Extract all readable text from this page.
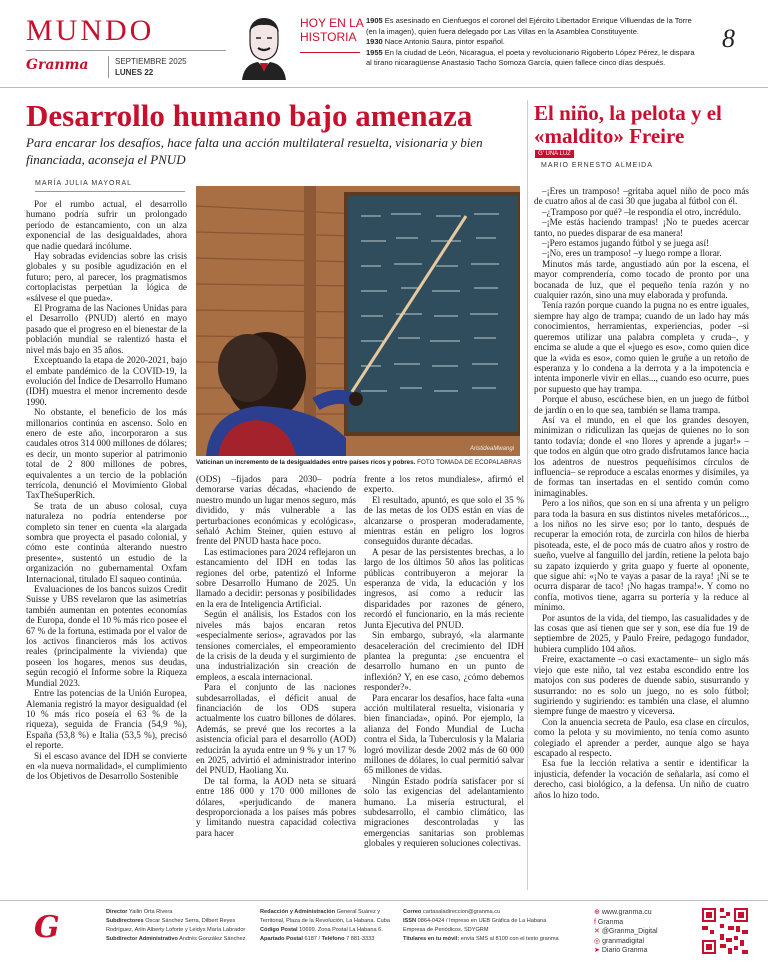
MUNDO
Granma	SEPTIEMBRE 2025
LUNES 22
HOY EN LA
HISTORIA
1905 Es asesinado en Cienfuegos el coronel del Ejército Libertador Enrique Villuendas de la Torre (en la imagen), quien fuera delegado por Las Villas en la Asamblea Constituyente.
1930 Nace Antonio Saura, pintor español.
1955 En la ciudad de León, Nicaragua, el poeta y revolucionario Rigoberto López Pérez, le dispara al tirano nicaragüense Anastasio Tacho Somoza García, quien fallece cinco días después.
8
Desarrollo humano bajo amenaza
Para encarar los desafíos, hace falta una acción multilateral resuelta, visionaria y bien financiada, aconseja el PNUD
MARÍA JULIA MAYORAL
El niño, la pelota y el «maldito» Freire
G' UNA LUZ
MARIO ERNESTO ALMEIDA
AristideaMwangi
Vaticinan un incremento de la desigualdades entre países ricos y pobres. FOTO TOMADA DE ECOPALABRAS

Por el rumbo actual, el desarrollo humano podría sufrir un prolongado período de estancamiento, con un alza exponencial de las desigualdades, ahora que nadie quedará incólume.

Hay sobradas evidencias sobre las crisis globales y su posible agudización en el futuro; pero, al parecer, los pragmatismos cortoplacistas perpetúan la lógica de «sálvese el que pueda».

El Programa de las Naciones Unidas para el Desarrollo (PNUD) alertó en mayo pasado que el progreso en el bienestar de la población mundial se ralentizó hasta el nivel más bajo en 35 años.

Exceptuando la etapa de 2020-2021, bajo el embate pandémico de la COVID-19, la evolución del Índice de Desarrollo Humano (IDH) muestra el menor incremento desde 1990.

No obstante, el beneficio de los más millonarios continúa en ascenso. Solo en enero de este año, incorporaron a sus caudales otros 314 000 millones de dólares; es decir, un monto superior al patrimonio total de 2 800 millones de pobres, equivalentes a un tercio de la población terrícola, denunció el Movimiento Global TaxTheSuperRich.

Se trata de un abuso colosal, cuya naturaleza no podría entenderse por completo sin tener en cuenta «la alargada sombra que proyecta el pasado colonial, y cómo este continúa alterando nuestro presente», sustentó un estudio de la organización no gubernamental Oxfam Internacional, titulado El saqueo continúa.

Evaluaciones de los bancos suizos Credit Suisse y UBS revelaron que las asimetrías también aumentan en potentes economías de Europa, donde el 10 % más rico posee el 67 % de la fortuna, estimada por el valor de los activos financieros más los activos reales (principalmente la vivienda) que poseen los hogares, menos sus deudas, según recogió el Informe sobre la Riqueza Mundial 2023.

Entre las potencias de la Unión Europea, Alemania registró la mayor desigualdad (el 10 % más rico poseía el 63 % de la riqueza), seguida de Francia (54,9 %), España (53,8 %) e Italia (53,5 %), precisó el reporte.

Si el escaso avance del IDH se convierte en «la nueva normalidad», el cumplimiento de los Objetivos de Desarrollo Sostenible

(ODS) –fijados para 2030– podría demorarse varias décadas, «haciendo de nuestro mundo un lugar menos seguro, más dividido, y más vulnerable a las perturbaciones económicas y ecológicas», señaló Achim Steiner, quien estuvo al frente del PNUD hasta hace poco.

Las estimaciones para 2024 reflejaron un estancamiento del IDH en todas las regiones del orbe, patentizó el Informe sobre Desarrollo Humano de 2025. Un llamado a decidir: personas y posibilidades en la era de Inteligencia Artificial.

Según el análisis, los Estados con los niveles más bajos encaran retos «especialmente serios», agravados por las tensiones comerciales, el empeoramiento de la crisis de la deuda y el surgimiento de una industrialización sin creación de empleos, a escala internacional.

Para el conjunto de las naciones subdesarrolladas, el déficit anual de financiación de los ODS supera actualmente los cuatro billones de dólares. Además, se prevé que los recortes a la asistencia oficial para el desarrollo (AOD) reducirán la ayuda entre un 9 % y un 17 % en 2025, advirtió el administrador interino del PNUD, Haoliang Xu.

De tal forma, la AOD neta se situará entre 186 000 y 170 000 millones de dólares, «perjudicando de manera desproporcionada a los países más pobres y limitando nuestra capacidad colectiva para hacer

frente a los retos mundiales», afirmó el experto.

El resultado, apuntó, es que solo el 35 % de las metas de los ODS están en vías de alcanzarse o prosperan moderadamente, mientras están en peligro los logros conseguidos durante décadas.

A pesar de las persistentes brechas, a lo largo de los últimos 50 años las políticas públicas contribuyeron a mejorar la esperanza de vida, la educación y los ingresos, así como a reducir las disparidades por razones de género, recordó el funcionario, en la más reciente Junta Ejecutiva del PNUD.

Sin embargo, subrayó, «la alarmante desaceleración del crecimiento del IDH plantea la pregunta: ¿se encuentra el desarrollo humano en un punto de inflexión? Y, en ese caso, ¿cómo debemos responder?».

Para encarar los desafíos, hace falta «una acción multilateral resuelta, visionaria y bien financiada», opinó. Por ejemplo, la alianza del Fondo Mundial de Lucha contra el Sida, la Tuberculosis y la Malaria logró movilizar desde 2002 más de 60 000 millones de dólares, lo cual permitió salvar 65 millones de vidas.

Ningún Estado podría satisfacer por sí solo las exigencias del adelantamiento humano. La miseria estructural, el subdesarrollo, el cambio climático, las migraciones descontroladas y las emergencias sanitarias son problemas globales y requieren soluciones colectivas.

–¡Eres un tramposo! –gritaba aquel niño de poco más de cuatro años al de casi 30 que jugaba al fútbol con él.

–¿Tramposo por qué? –le respondía el otro, incrédulo.

–¡Me estás haciendo trampas! ¡No te puedes acercar tanto, no puedes disparar de esa manera!

–¡Pero estamos jugando fútbol y se juega así!

–¡No, eres un tramposo! –y luego rompe a llorar.

Minutos más tarde, angustiado aún por la escena, el mayor comprendería, como tocado de pronto por una bocanada de luz, que el pequeño tenía razón y no cualquier razón, sino una muy elaborada y profunda.

Tenía razón porque cuando la pugna no es entre iguales, siempre hay algo de trampa; cuando de un lado hay más conocimientos, herramientas, experiencias, poder –si queremos utilizar una palabra completa y cruda–, y encima se alude a que el «juego es eso», como quien dice que la «vida es eso», como quien le gruñe a un retoño de esperanza y lo condena a la derrota y a la impotencia e intenta imponerle vivir en ellas..., cuando eso ocurre, pues por supuesto que hay trampa.

Porque el abuso, escúchese bien, en un juego de fútbol de jardín o en lo que sea, también se llama trampa.

Así va el mundo, en el que los grandes desoyen, minimizan o ridiculizan las quejas de quienes no lo son tanto todavía; donde el «no llores y aprende a jugar!» –que todos en algún que otro grado disfrutamos lance hacia los adentros de nuestros pequeñísimos círculos de influencia– se reproduce a escalas enormes y disímiles, ya de formas tan insertadas en el sentido común como inimaginables.

Pero a los niños, que son en sí una afrenta y un peligro para toda la basura en sus distintos niveles metafóricos..., a los niños no les sirve eso; por lo tanto, después de recuperar la emoción rota, de zurcirla con hilos de hierba pisoteada, este, el de poco más de cuatro años y rostro de sueño, vuelve al fanguillo del jardín, retiene la pelota bajo su zapato izquierdo y grita guapo y fuerte al oponente, que sigue ahí: «¡No te vayas a pasar de la raya! ¡Ni se te ocurra disparar de taco! ¡No hagas trampa!». Y como no confía, motivos tiene, agarra su portería y la reduce al mínimo.

Por asuntos de la vida, del tiempo, las casualidades y de las cosas que así tienen que ser y son, ese día fue 19 de septiembre de 2025, y Paulo Freire, pedagogo fundador, hubiera cumplido 104 años.

Freire, exactamente –o casi exactamente– un siglo más viejo que este niño, tal vez estaba escondido entre los matojos con sus poderes de duende sabio, susurrando y susurrando: no es solo un juego, no es solo fútbol; sugiriendo y sugiriendo: es también una clase, el alumno siempre funge de maestro y viceversa.

Con la anuencia secreta de Paulo, esa clase en círculos, como la pelota y su movimiento, no tenía como asunto colegiado el aprender a perder, aunque algo se haya escapado al respecto.

Esa fue la lección relativa a sentir e identificar la injusticia, defender la vocación de señalarla, así como el derecho, casi biológico, a la defensa. Un niño de cuatro años lo hizo todo.

G	Director Yailin Orta Rivera
Subdirectores Oscar Sánchez Serra, Dilbert Reyes Rodríguez, Arlin Alberty Loforte y Leidys María Labrador
Subdirector Administrativo Andrés González Sánchez
Redacción y Administración General Suárez y Territorial, Plaza de la Revolución, La Habana. Cuba
Código Postal 10699. Zona Postal La Habana 6.
Apartado Postal 6187 / Teléfono 7 881-3333
Correo cartasaladireccion@granma.cu
ISSN 0864-0424 / Impreso en UEB Gráfica de La Habana
Empresa de Periódicos. SDYGRM
Titulares en tu móvil: envía SMS al 8100 con el texto granma
⊕ www.granma.cu
f Granma
✕ @Granma_Digital
◎ granmadigital
➤ Diario Granma
